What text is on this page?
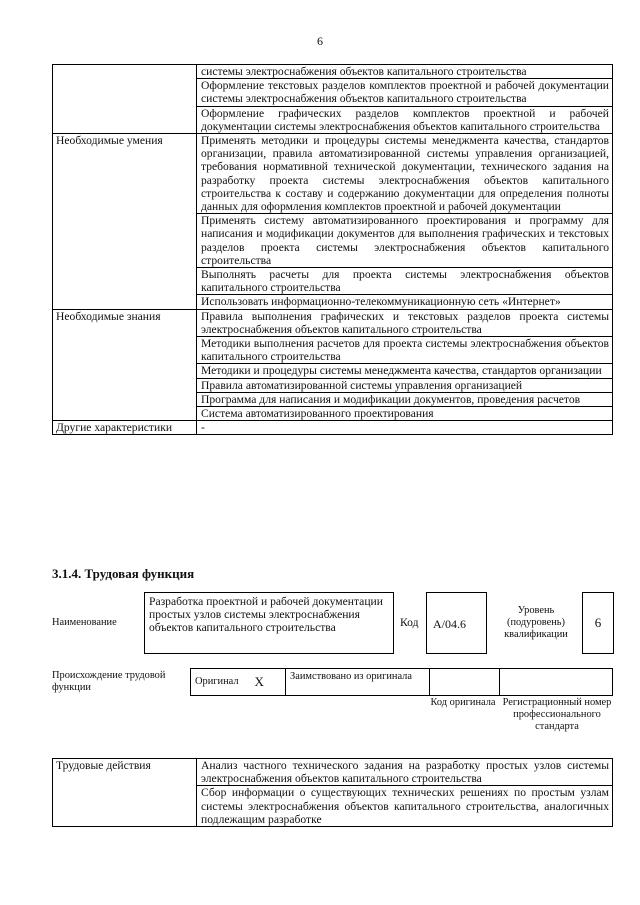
6
	системы электроснабжения объектов капитального строительства
	Оформление текстовых разделов комплектов проектной и рабочей документации системы электроснабжения объектов капитального строительства
	Оформление графических разделов комплектов проектной и рабочей документации системы электроснабжения объектов капитального строительства
Необходимые умения	Применять методики и процедуры системы менеджмента качества, стандартов организации, правила автоматизированной системы управления организацией, требования нормативной технической документации, технического задания на разработку проекта системы электроснабжения объектов капитального строительства к составу и содержанию документации для определения полноты данных для оформления комплектов проектной и рабочей документации
	Применять систему автоматизированного проектирования и программу для написания и модификации документов для выполнения графических и текстовых разделов проекта системы электроснабжения объектов капитального строительства
	Выполнять расчеты для проекта системы электроснабжения объектов капитального строительства
	Использовать информационно-телекоммуникационную сеть «Интернет»
Необходимые знания	Правила выполнения графических и текстовых разделов проекта системы электроснабжения объектов капитального строительства
	Методики выполнения расчетов для проекта системы электроснабжения объектов капитального строительства
	Методики и процедуры системы менеджмента качества, стандартов организации
	Правила автоматизированной системы управления организацией
	Программа для написания и модификации документов, проведения расчетов
	Система автоматизированного проектирования
Другие характеристики	-
3.1.4. Трудовая функция
Наименование
Разработка проектной и рабочей документации простых узлов системы электроснабжения объектов капитального строительства	Код	A/04.6
Уровень (подуровень) квалификации
6
Происхождение трудовой функции
Оригинал X	Заимствовано из оригинала
Код оригинала Регистрационный номер профессионального стандарта
Трудовые действия	Анализ частного технического задания на разработку простых узлов системы электроснабжения объектов капитального строительства
Сбор информации о существующих технических решениях по простым узлам системы электроснабжения объектов капитального строительства, аналогичных подлежащим разработке
